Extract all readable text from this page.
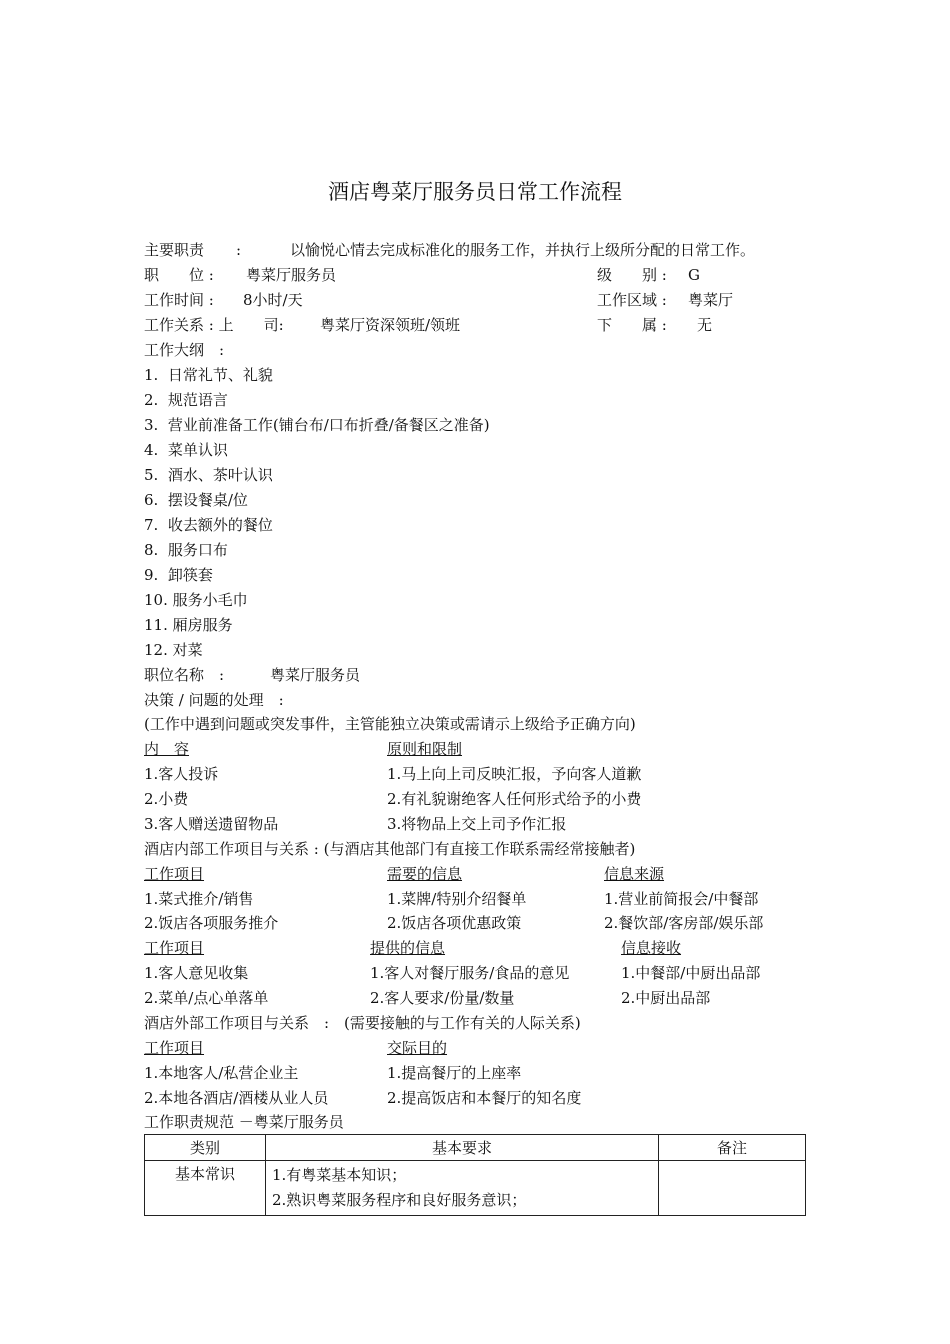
酒店粤菜厅服务员日常工作流程
主要职责 :	以愉悦心情去完成标准化的服务工作，并执行上级所分配的日常工作。
职　　位 : 粤菜厅服务员	级　　别 : G
工作时间 : 8小时/天	工作区域 : 粤菜厅
工作关系 : 上　　司: 粤菜厅资深领班/领班	下　　属 : 无
工作大纲　:
1.  日常礼节、礼貌
2.  规范语言
3.  营业前准备工作(铺台布/口布折叠/备餐区之准备)
4.  菜单认识
5.  酒水、茶叶认识
6.  摆设餐桌/位
7.  收去额外的餐位
8.  服务口布
9.  卸筷套
10. 服务小毛巾
11. 厢房服务
12. 对菜
职位名称　:	粤菜厅服务员
决策 / 问题的处理　:
(工作中遇到问题或突发事件，主管能独立决策或需请示上级给予正确方向)
内　容	原则和限制
1.客人投诉	1.马上向上司反映汇报，予向客人道歉
2.小费	2.有礼貌谢绝客人任何形式给予的小费
3.客人赠送遗留物品	3.将物品上交上司予作汇报
酒店内部工作项目与关系 : (与酒店其他部门有直接工作联系需经常接触者)
工作项目	需要的信息	信息来源
1.菜式推介/销售	1.菜牌/特别介绍餐单	1.营业前简报会/中餐部
2.饭店各项服务推介	2.饭店各项优惠政策	2.餐饮部/客房部/娱乐部
工作项目	提供的信息	信息接收
1.客人意见收集	1.客人对餐厅服务/食品的意见	1.中餐部/中厨出品部
2.菜单/点心单落单	2.客人要求/份量/数量	2.中厨出品部
酒店外部工作项目与关系　:　(需要接触的与工作有关的人际关系)
工作项目	交际目的
1.本地客人/私营企业主	1.提高餐厅的上座率
2.本地各酒店/酒楼从业人员	2.提高饭店和本餐厅的知名度
工作职责规范 －粤菜厅服务员
类别	基本要求	备注
基本常识	1.有粤菜基本知识；
2.熟识粤菜服务程序和良好服务意识；	
